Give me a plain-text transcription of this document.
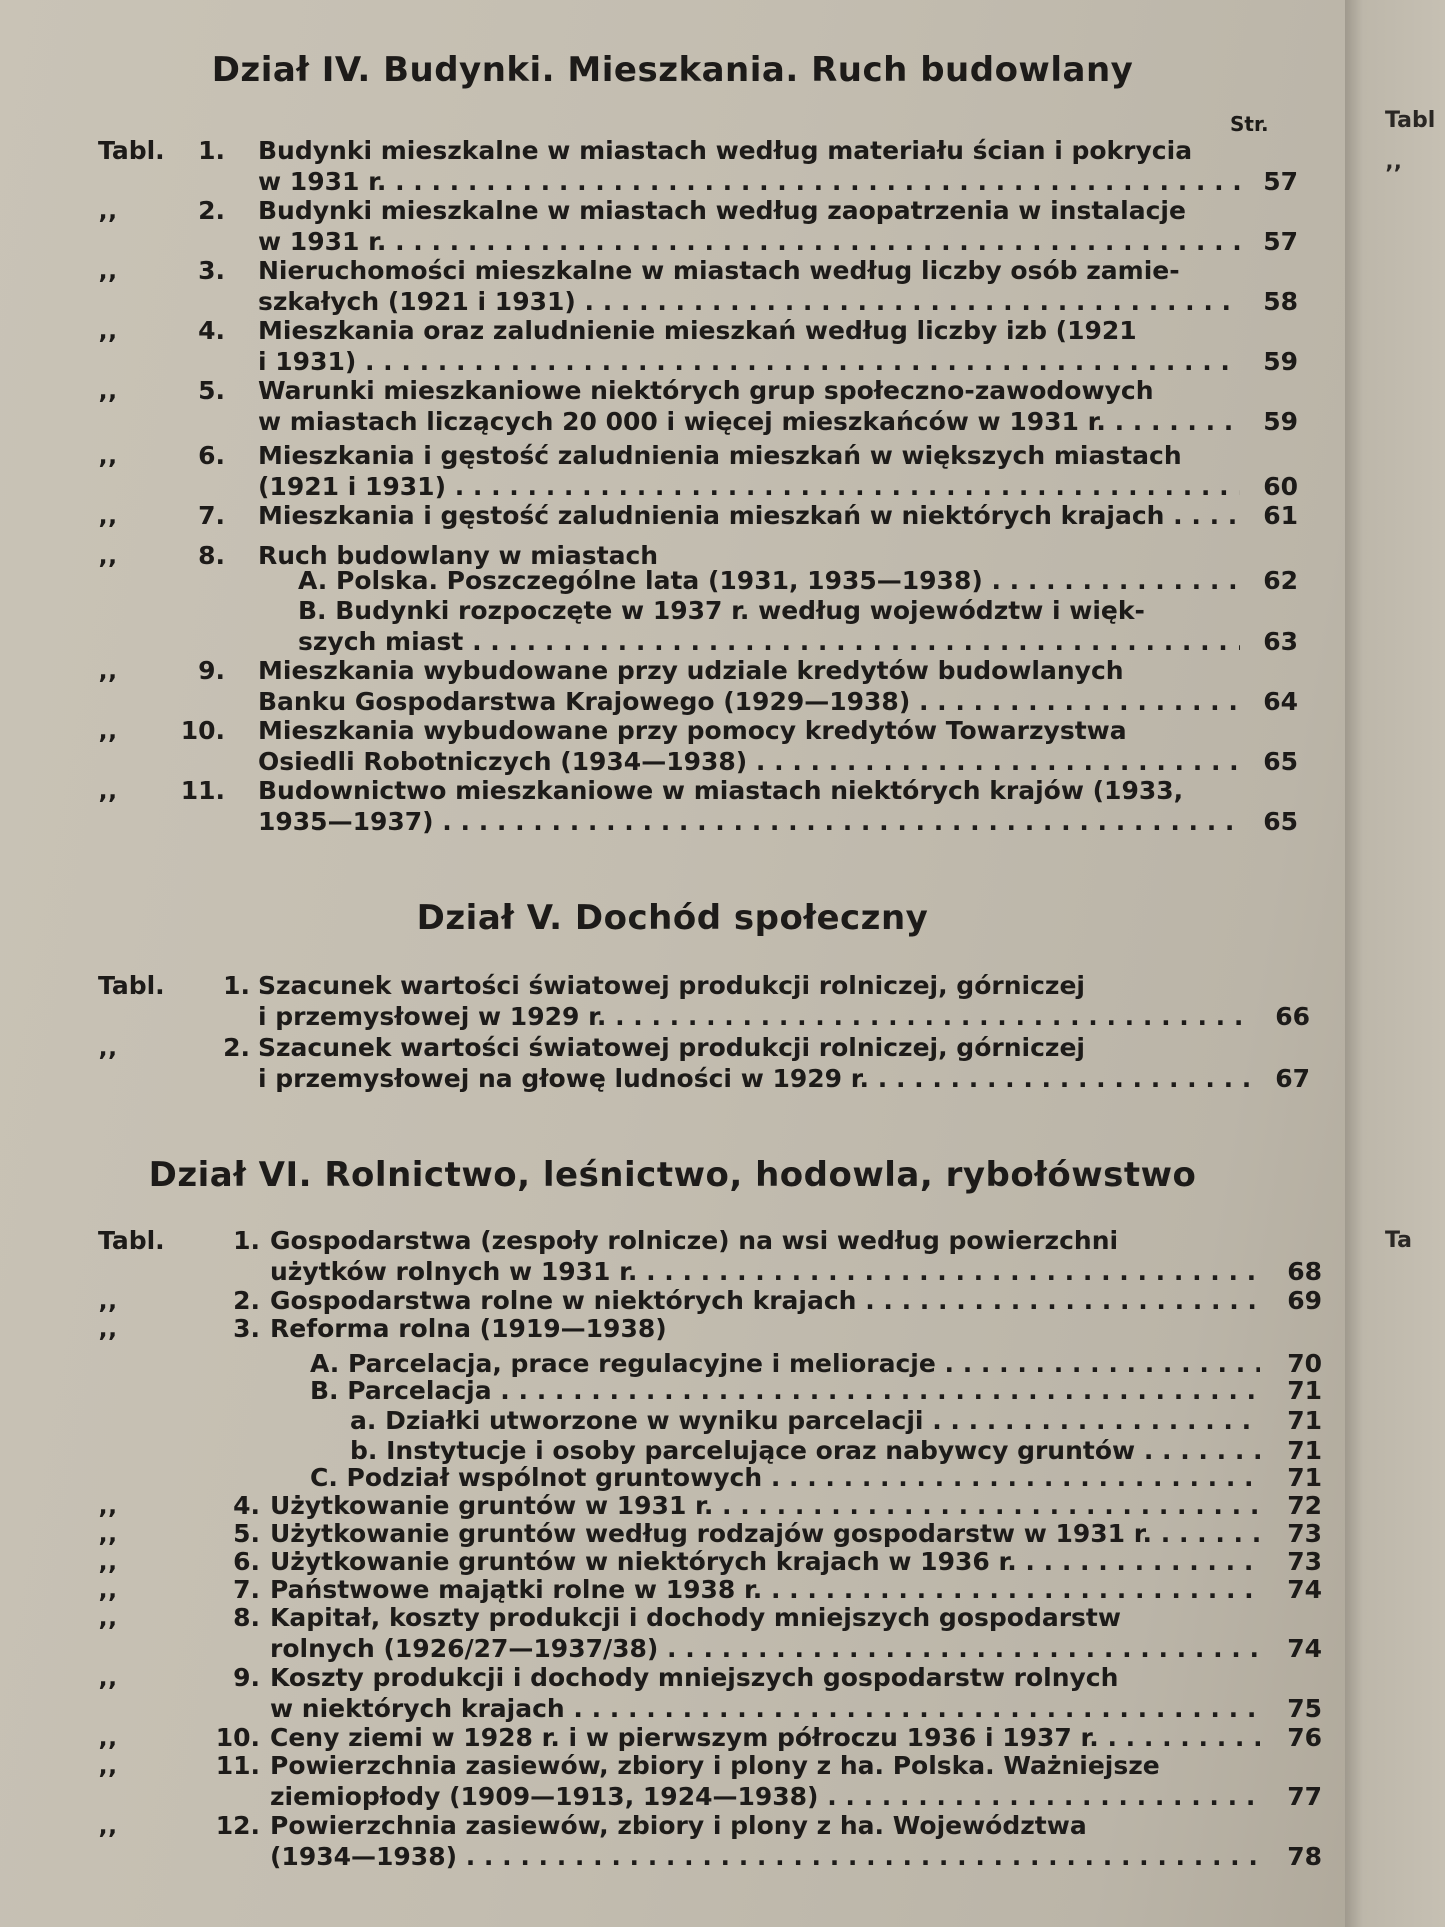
Dział IV. Budynki. Mieszkania. Ruch budowlany
Str.
Tabl.	1. Budynki mieszkalne w miastach według materiału ścian i pokrycia
w 1931 r. . . .	57
‚‚	2. Budynki mieszkalne w miastach według zaopatrzenia w instalacje
w 1931 r. . . .	57
‚‚	3. Nieruchomości mieszkalne w miastach według liczby osób zamie-
szkałych (1921 i 1931) . . .	58
‚‚	4. Mieszkania oraz zaludnienie mieszkań według liczby izb (1921
i 1931) . . .	59
‚‚	5. Warunki mieszkaniowe niektórych grup społeczno-zawodowych
w miastach liczących 20 000 i więcej mieszkańców w 1931 r. . . .	59
‚‚	6. Mieszkania i gęstość zaludnienia mieszkań w większych miastach
(1921 i 1931) . . .	60
‚‚	7. Mieszkania i gęstość zaludnienia mieszkań w niektórych krajach . . .	61
‚‚	8. Ruch budowlany w miastach
A. Polska. Poszczególne lata (1931, 1935—1938) . . .	62
B. Budynki rozpoczęte w 1937 r. według województw i więk-
szych miast . . .	63
‚‚	9. Mieszkania wybudowane przy udziale kredytów budowlanych
Banku Gospodarstwa Krajowego (1929—1938) . . .	64
‚‚	10. Mieszkania wybudowane przy pomocy kredytów Towarzystwa
Osiedli Robotniczych (1934—1938) . . .	65
‚‚	11. Budownictwo mieszkaniowe w miastach niektórych krajów (1933,
1935—1937) . . .	65
Dział V. Dochód społeczny
Tabl.	1. Szacunek wartości światowej produkcji rolniczej, górniczej
i przemysłowej w 1929 r. . . .	66
‚‚	2. Szacunek wartości światowej produkcji rolniczej, górniczej
i przemysłowej na głowę ludności w 1929 r. . . .	67
Dział VI. Rolnictwo, leśnictwo, hodowla, rybołówstwo
Tabl.	1. Gospodarstwa (zespoły rolnicze) na wsi według powierzchni
użytków rolnych w 1931 r. . . .	68
‚‚	2. Gospodarstwa rolne w niektórych krajach . . .	69
‚‚	3. Reforma rolna (1919—1938)
A. Parcelacja, prace regulacyjne i melioracje . . .	70
B. Parcelacja . . .	71
a. Działki utworzone w wyniku parcelacji . . .	71
b. Instytucje i osoby parcelujące oraz nabywcy gruntów . . .	71
C. Podział wspólnot gruntowych . . .	71
‚‚	4. Użytkowanie gruntów w 1931 r. . . .	72
‚‚	5. Użytkowanie gruntów według rodzajów gospodarstw w 1931 r. . . .	73
‚‚	6. Użytkowanie gruntów w niektórych krajach w 1936 r. . . .	73
‚‚	7. Państwowe majątki rolne w 1938 r. . . .	74
‚‚	8. Kapitał, koszty produkcji i dochody mniejszych gospodarstw
rolnych (1926/27—1937/38) . . .	74
‚‚	9. Koszty produkcji i dochody mniejszych gospodarstw rolnych
w niektórych krajach . . .	75
‚‚	10. Ceny ziemi w 1928 r. i w pierwszym półroczu 1936 i 1937 r. . . .	76
‚‚	11. Powierzchnia zasiewów, zbiory i plony z ha. Polska. Ważniejsze
ziemiopłody (1909—1913, 1924—1938) . . .	77
‚‚	12. Powierzchnia zasiewów, zbiory i plony z ha. Województwa
(1934—1938) . . .	78
Tabl
‚‚
Ta
